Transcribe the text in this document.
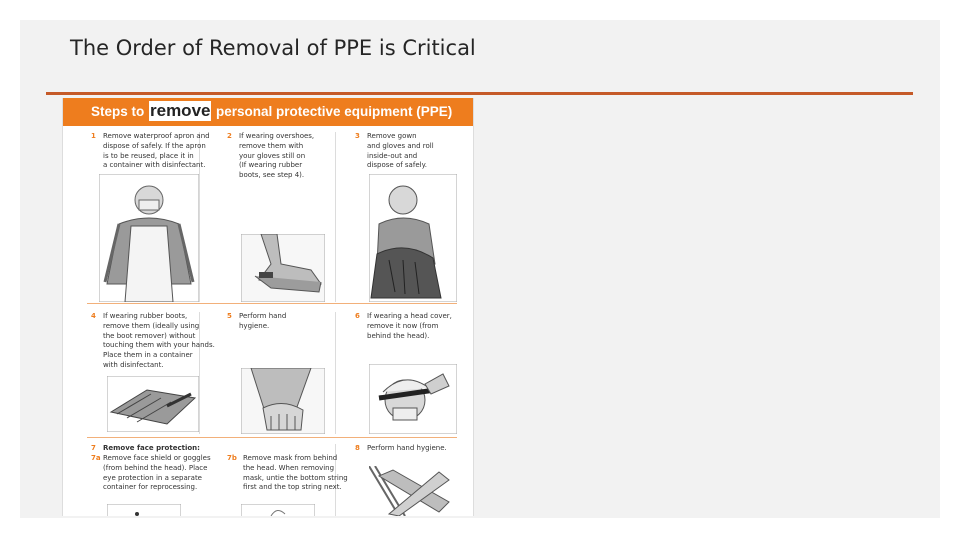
The Order of Removal of PPE is Critical
Steps to remove personal protective equipment (PPE)
1 Remove waterproof apron and
dispose of safely. If the apron
is to be reused, place it in
a container with disinfectant.
2 If wearing overshoes,
remove them with
your gloves still on
(If wearing rubber
boots, see step 4).
3 Remove gown
and gloves and roll
inside-out and
dispose of safely.
4 If wearing rubber boots,
remove them (ideally using
the boot remover) without
touching them with your hands.
Place them in a container
with disinfectant.
5 Perform hand
hygiene.
6 If wearing a head cover,
remove it now (from
behind the head).
7 Remove face protection:
7a Remove face shield or goggles
(from behind the head). Place
eye protection in a separate
container for reprocessing.
7b Remove mask from behind
the head. When removing
mask, untie the bottom string
first and the top string next.
8 Perform hand hygiene.
